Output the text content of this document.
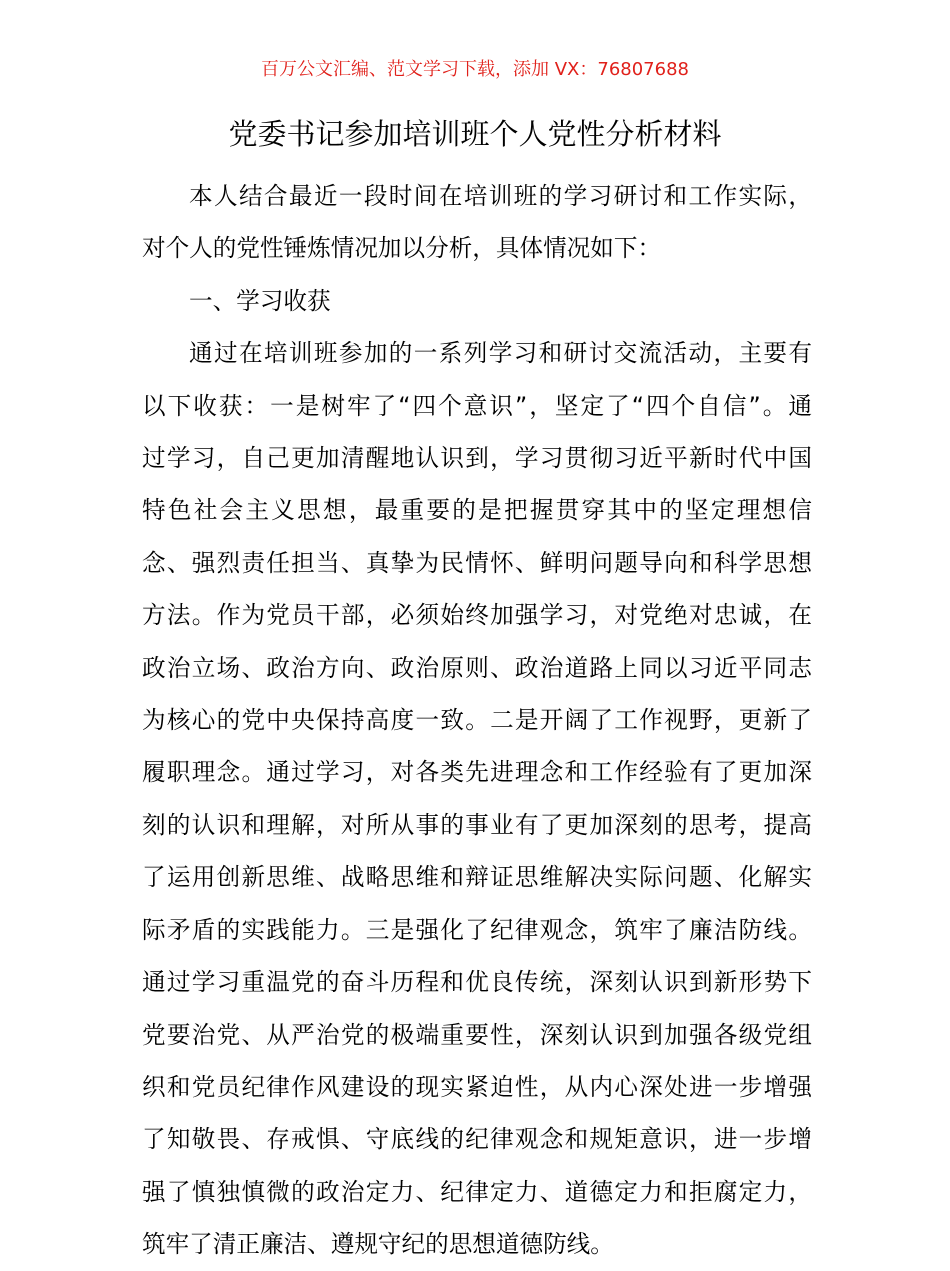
百万公文汇编、范文学习下载，添加 VX：76807688
党委书记参加培训班个人党性分析材料
本人结合最近一段时间在培训班的学习研讨和工作实际，
对个人的党性锤炼情况加以分析，具体情况如下：
一、学习收获
通过在培训班参加的一系列学习和研讨交流活动，主要有
以下收获：一是树牢了“四个意识”，坚定了“四个自信”。通
过学习，自己更加清醒地认识到，学习贯彻习近平新时代中国
特色社会主义思想，最重要的是把握贯穿其中的坚定理想信
念、强烈责任担当、真挚为民情怀、鲜明问题导向和科学思想
方法。作为党员干部，必须始终加强学习，对党绝对忠诚，在
政治立场、政治方向、政治原则、政治道路上同以习近平同志
为核心的党中央保持高度一致。二是开阔了工作视野，更新了
履职理念。通过学习，对各类先进理念和工作经验有了更加深
刻的认识和理解，对所从事的事业有了更加深刻的思考，提高
了运用创新思维、战略思维和辩证思维解决实际问题、化解实
际矛盾的实践能力。三是强化了纪律观念，筑牢了廉洁防线。
通过学习重温党的奋斗历程和优良传统，深刻认识到新形势下
党要治党、从严治党的极端重要性，深刻认识到加强各级党组
织和党员纪律作风建设的现实紧迫性，从内心深处进一步增强
了知敬畏、存戒惧、守底线的纪律观念和规矩意识，进一步增
强了慎独慎微的政治定力、纪律定力、道德定力和拒腐定力，
筑牢了清正廉洁、遵规守纪的思想道德防线。
